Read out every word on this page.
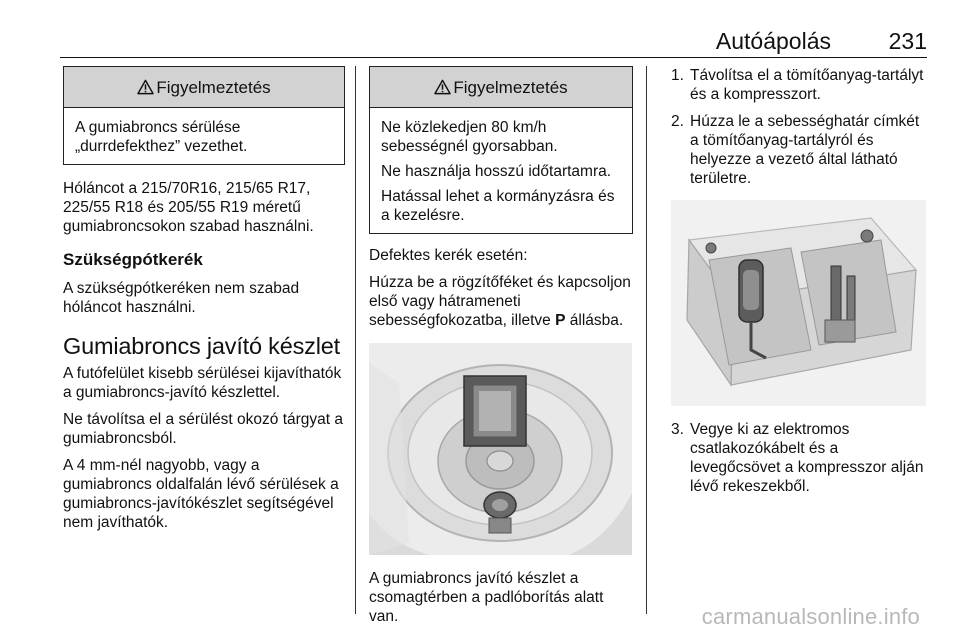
Autóápolás	231
Figyelmeztetés

A gumiabroncs sérülése „durrdefekthez” vezethet.

Hóláncot a 215/70R16, 215/65 R17, 225/55 R18 és 205/55 R19 méretű gumiabroncsokon szabad használni.

Szükségpótkerék

A szükségpótkeréken nem szabad hóláncot használni.

Gumiabroncs javító készlet

A futófelület kisebb sérülései kijavíthatók a gumiabroncs-javító készlettel.

Ne távolítsa el a sérülést okozó tárgyat a gumiabroncsból.

A 4 mm-nél nagyobb, vagy a gumiabroncs oldalfalán lévő sérülések a gumiabroncs-javítókészlet segítségével nem javíthatók.

Figyelmeztetés

Ne közlekedjen 80 km/h sebességnél gyorsabban.

Ne használja hosszú időtartamra.

Hatással lehet a kormányzásra és a kezelésre.

Defektes kerék esetén:

Húzza be a rögzítőféket és kapcsoljon első vagy hátrameneti sebességfokozatba, illetve P állásba.

A gumiabroncs javító készlet a csomagtérben a padlóborítás alatt van.

1. Távolítsa el a tömítőanyag-tartályt és a kompresszort.
2. Húzza le a sebességhatár címkét a tömítőanyag-tartályról és helyezze a vezető által látható területre.
3. Vegye ki az elektromos csatlakozókábelt és a levegőcsövet a kompresszor alján lévő rekeszekből.
carmanualsonline.info
